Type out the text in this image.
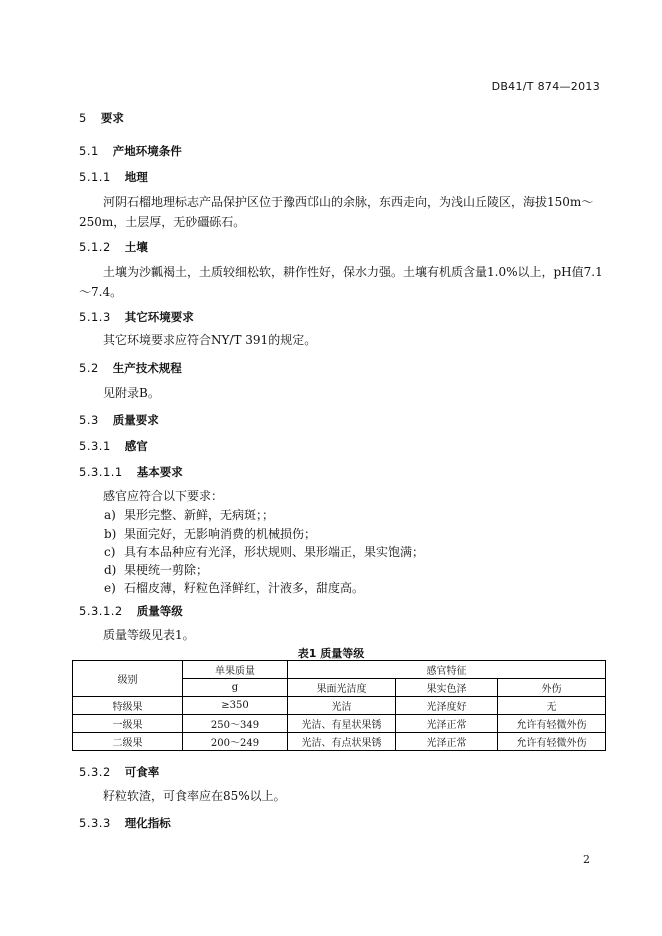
DB41/T 874—2013
5 要求
5.1 产地环境条件
5.1.1 地理
河阴石榴地理标志产品保护区位于豫西邙山的余脉，东西走向，为浅山丘陵区，海拔150m～250m，土层厚，无砂礓砾石。
5.1.2 土壤
土壤为沙瓤褐土，土质较细松软，耕作性好，保水力强。土壤有机质含量1.0%以上，pH值7.1 ～7.4。
5.1.3 其它环境要求
其它环境要求应符合NY/T 391的规定。
5.2 生产技术规程
见附录B。
5.3 质量要求
5.3.1 感官
5.3.1.1 基本要求
感官应符合以下要求：
a) 果形完整、新鲜，无病斑；；
b) 果面完好，无影响消费的机械损伤；
c) 具有本品种应有光泽，形状规则、果形端正，果实饱满；
d) 果梗统一剪除；
e) 石榴皮薄，籽粒色泽鲜红，汁液多，甜度高。
5.3.1.2 质量等级
质量等级见表1。
表1 质量等级
级别	单果质量	感官特征		
	g	果面光洁度	果实色泽	外伤
特级果	≥350	光洁	光泽度好	无
一级果	250～349	光洁、有星状果锈	光泽正常	允许有轻微外伤
二级果	200～249	光洁、有点状果锈	光泽正常	允许有轻微外伤
5.3.2 可食率
籽粒软渣，可食率应在85%以上。
5.3.3 理化指标
2
